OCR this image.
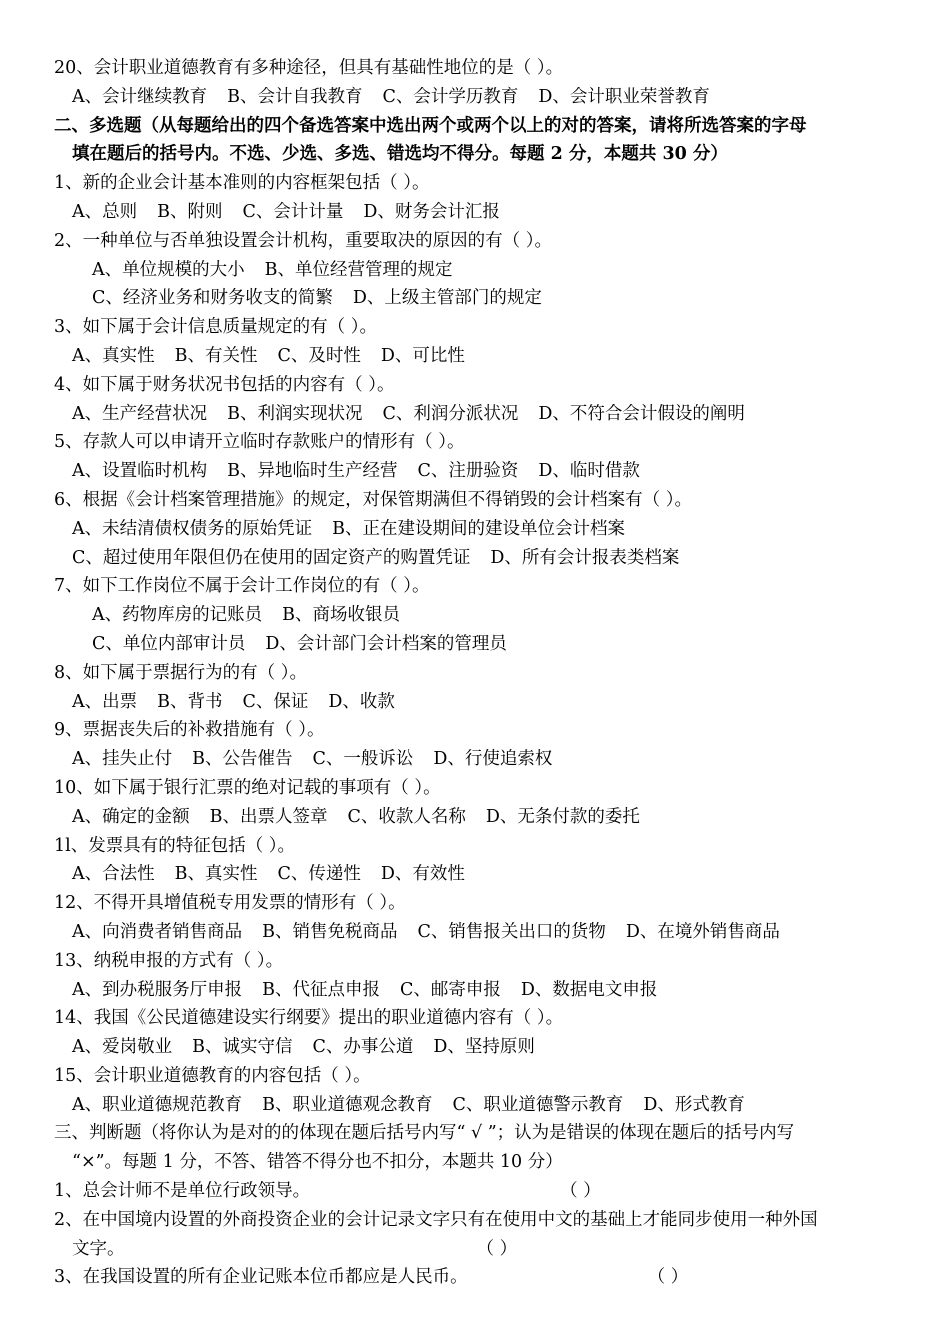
20、会计职业道德教育有多种途径，但具有基础性地位的是（ ）。
A、会计继续教育 B、会计自我教育 C、会计学历教育 D、会计职业荣誉教育
二、多选题（从每题给出的四个备选答案中选出两个或两个以上的对的答案，请将所选答案的字母
填在题后的括号内。不选、少选、多选、错选均不得分。每题 2 分，本题共 30 分）
1、新的企业会计基本准则的内容框架包括（ ）。
A、总则 B、附则 C、会计计量 D、财务会计汇报
2、一种单位与否单独设置会计机构，重要取决的原因的有（ ）。
A、单位规模的大小 B、单位经营管理的规定
C、经济业务和财务收支的简繁 D、上级主管部门的规定
3、如下属于会计信息质量规定的有（ ）。
A、真实性 B、有关性 C、及时性 D、可比性
4、如下属于财务状况书包括的内容有（ ）。
A、生产经营状况 B、利润实现状况 C、利润分派状况 D、不符合会计假设的阐明
5、存款人可以申请开立临时存款账户的情形有（ ）。
A、设置临时机构 B、异地临时生产经营 C、注册验资 D、临时借款
6、根据《会计档案管理措施》的规定，对保管期满但不得销毁的会计档案有（ ）。
A、未结清债权债务的原始凭证 B、正在建设期间的建设单位会计档案
C、超过使用年限但仍在使用的固定资产的购置凭证 D、所有会计报表类档案
7、如下工作岗位不属于会计工作岗位的有（ ）。
A、药物库房的记账员 B、商场收银员
C、单位内部审计员 D、会计部门会计档案的管理员
8、如下属于票据行为的有（ ）。
A、出票 B、背书 C、保证 D、收款
9、票据丧失后的补救措施有（ ）。
A、挂失止付 B、公告催告 C、一般诉讼 D、行使追索权
10、如下属于银行汇票的绝对记载的事项有（ ）。
A、确定的金额 B、出票人签章 C、收款人名称 D、无条付款的委托
1l、发票具有的特征包括（ ）。
A、合法性 B、真实性 C、传递性 D、有效性
12、不得开具增值税专用发票的情形有（ ）。
A、向消费者销售商品 B、销售免税商品 C、销售报关出口的货物 D、在境外销售商品
13、纳税申报的方式有（ ）。
A、到办税服务厅申报 B、代征点申报 C、邮寄申报 D、数据电文申报
14、我国《公民道德建设实行纲要》提出的职业道德内容有（ ）。
A、爱岗敬业 B、诚实守信 C、办事公道 D、坚持原则
15、会计职业道德教育的内容包括（ ）。
A、职业道德规范教育 B、职业道德观念教育 C、职业道德警示教育 D、形式教育
三、判断题（将你认为是对的的体现在题后括号内写“ √ ”；认为是错误的体现在题后的括号内写
“×”。每题 1 分，不答、错答不得分也不扣分，本题共 10 分）
1、总会计师不是单位行政领导。	（ ）
2、在中国境内设置的外商投资企业的会计记录文字只有在使用中文的基础上才能同步使用一种外国
文字。	（ ）
3、在我国设置的所有企业记账本位币都应是人民币。	（ ）
